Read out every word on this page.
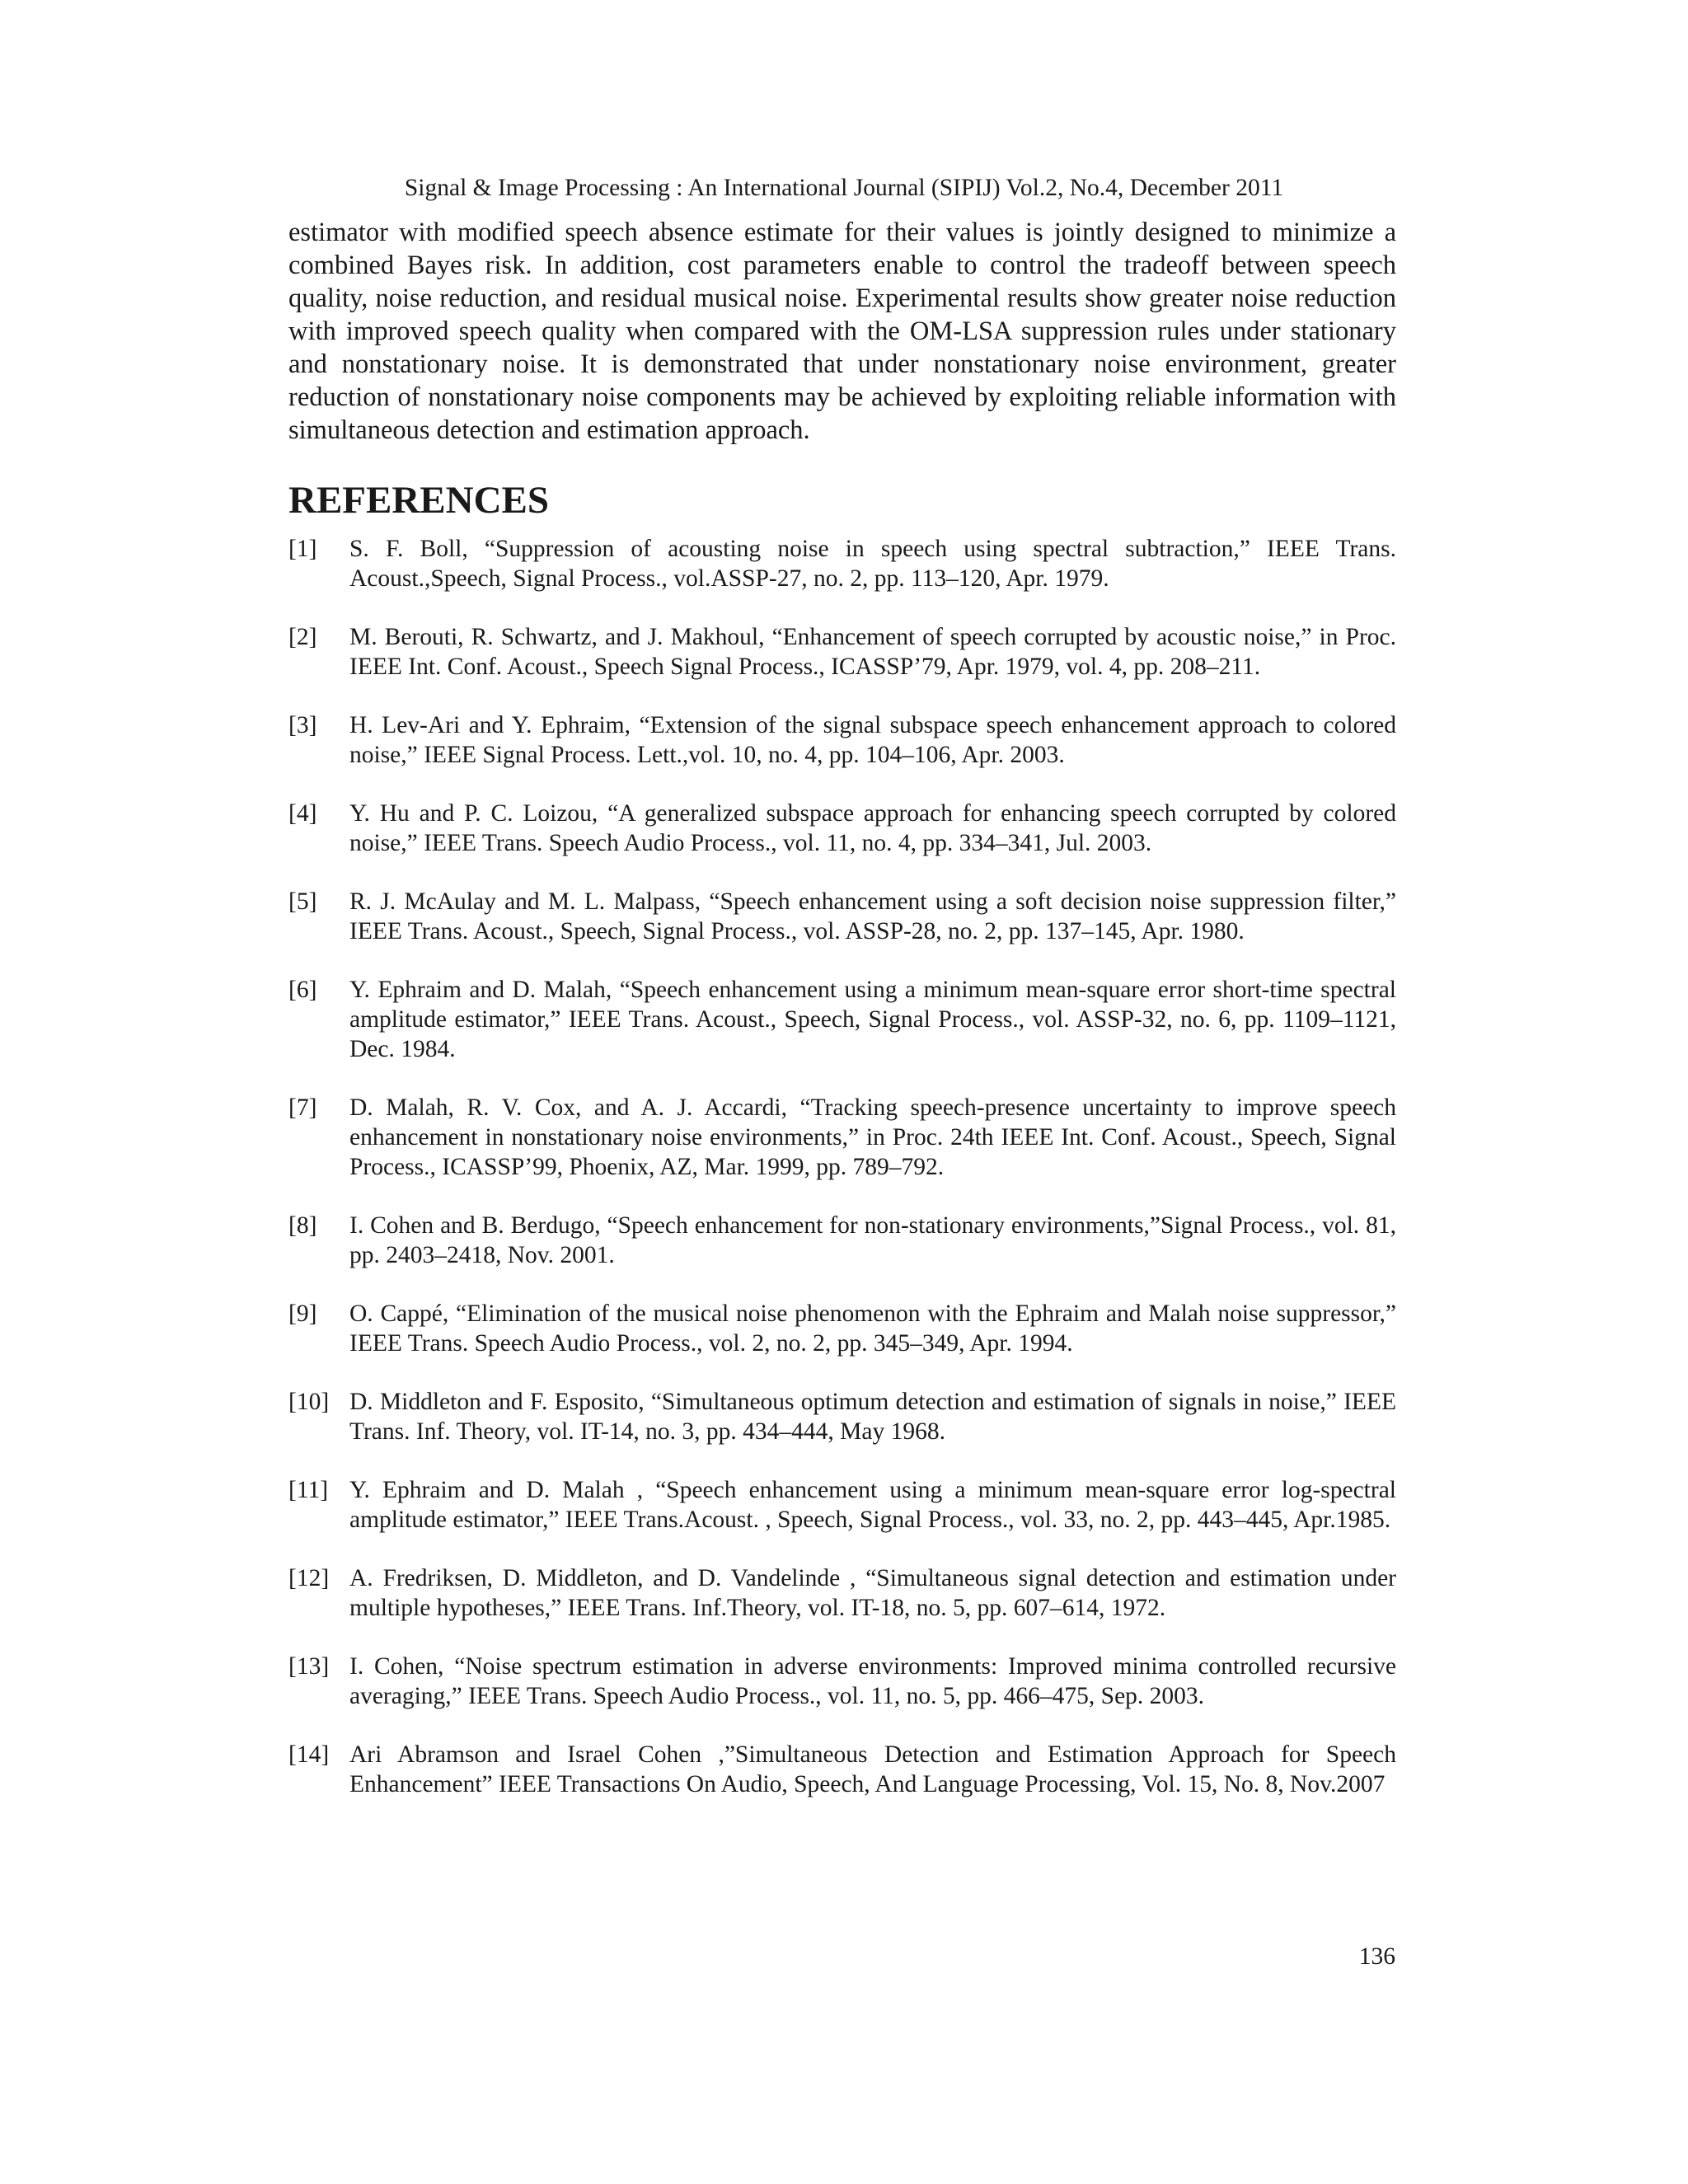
Signal & Image Processing : An International Journal (SIPIJ) Vol.2, No.4, December 2011

estimator with modified speech absence estimate for their values is jointly designed to minimize a combined Bayes risk. In addition, cost parameters enable to control the tradeoff between speech quality, noise reduction, and residual musical noise. Experimental results show greater noise reduction with improved speech quality when compared with the OM-LSA suppression rules under stationary and nonstationary noise. It is demonstrated that under nonstationary noise environment, greater reduction of nonstationary noise components may be achieved by exploiting reliable information with simultaneous detection and estimation approach.

REFERENCES
[1] S. F. Boll, “Suppression of acousting noise in speech using spectral subtraction,” IEEE Trans. Acoust.,Speech, Signal Process., vol.ASSP-27, no. 2, pp. 113–120, Apr. 1979.
[2] M. Berouti, R. Schwartz, and J. Makhoul, “Enhancement of speech corrupted by acoustic noise,” in Proc. IEEE Int. Conf. Acoust., Speech Signal Process., ICASSP’79, Apr. 1979, vol. 4, pp. 208–211.
[3] H. Lev-Ari and Y. Ephraim, “Extension of the signal subspace speech enhancement approach to colored noise,” IEEE Signal Process. Lett.,vol. 10, no. 4, pp. 104–106, Apr. 2003.
[4] Y. Hu and P. C. Loizou, “A generalized subspace approach for enhancing speech corrupted by colored noise,” IEEE Trans. Speech Audio Process., vol. 11, no. 4, pp. 334–341, Jul. 2003.
[5] R. J. McAulay and M. L. Malpass, “Speech enhancement using a soft decision noise suppression filter,” IEEE Trans. Acoust., Speech, Signal Process., vol. ASSP-28, no. 2, pp. 137–145, Apr. 1980.
[6] Y. Ephraim and D. Malah, “Speech enhancement using a minimum mean-square error short-time spectral amplitude estimator,” IEEE Trans. Acoust., Speech, Signal Process., vol. ASSP-32, no. 6, pp. 1109–1121, Dec. 1984.
[7] D. Malah, R. V. Cox, and A. J. Accardi, “Tracking speech-presence uncertainty to improve speech enhancement in nonstationary noise environments,” in Proc. 24th IEEE Int. Conf. Acoust., Speech, Signal Process., ICASSP’99, Phoenix, AZ, Mar. 1999, pp. 789–792.
[8] I. Cohen and B. Berdugo, “Speech enhancement for non-stationary environments,”Signal Process., vol. 81, pp. 2403–2418, Nov. 2001.
[9] O. Cappé, “Elimination of the musical noise phenomenon with the Ephraim and Malah noise suppressor,” IEEE Trans. Speech Audio Process., vol. 2, no. 2, pp. 345–349, Apr. 1994.
[10] D. Middleton and F. Esposito, “Simultaneous optimum detection and estimation of signals in noise,” IEEE Trans. Inf. Theory, vol. IT-14, no. 3, pp. 434–444, May 1968.
[11] Y. Ephraim and D. Malah , “Speech enhancement using a minimum mean-square error log-spectral amplitude estimator,” IEEE Trans.Acoust. , Speech, Signal Process., vol. 33, no. 2, pp. 443–445, Apr.1985.
[12] A. Fredriksen, D. Middleton, and D. Vandelinde , “Simultaneous signal detection and estimation under multiple hypotheses,” IEEE Trans. Inf.Theory, vol. IT-18, no. 5, pp. 607–614, 1972.
[13] I. Cohen, “Noise spectrum estimation in adverse environments: Improved minima controlled recursive averaging,” IEEE Trans. Speech Audio Process., vol. 11, no. 5, pp. 466–475, Sep. 2003.
[14] Ari Abramson and Israel Cohen ,”Simultaneous Detection and Estimation Approach for Speech Enhancement” IEEE Transactions On Audio, Speech, And Language Processing, Vol. 15, No. 8, Nov.2007
136
